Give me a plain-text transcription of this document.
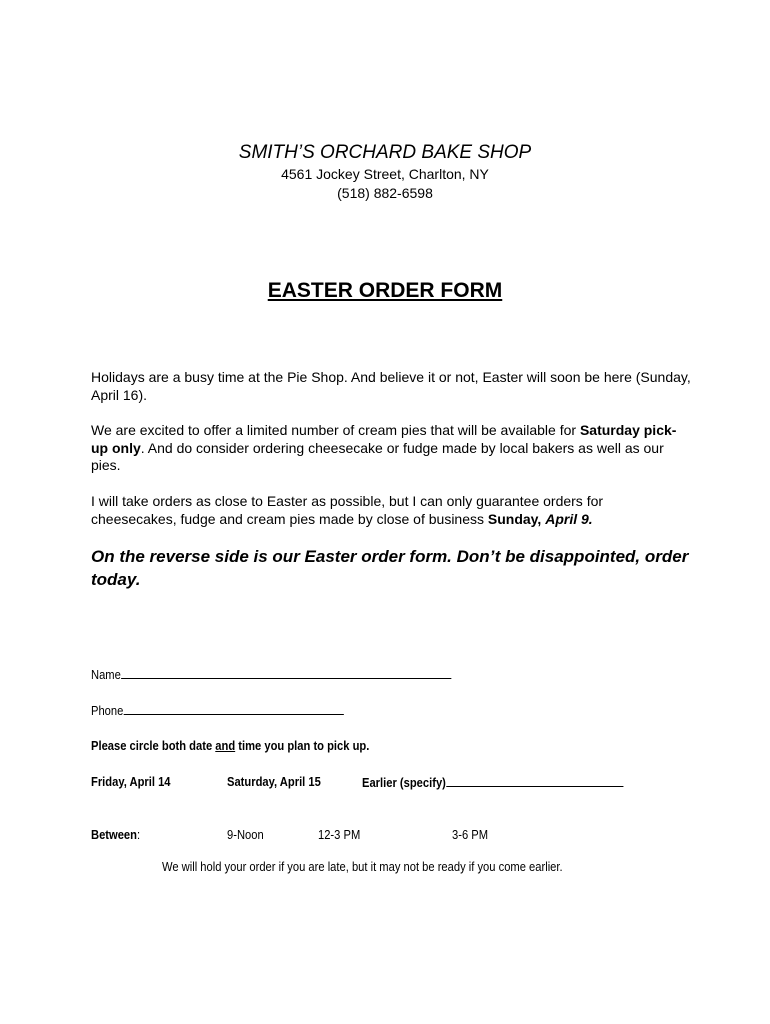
SMITH’S ORCHARD BAKE SHOP
4561 Jockey Street, Charlton, NY
(518) 882-6598
EASTER ORDER FORM
Holidays are a busy time at the Pie Shop. And believe it or not, Easter will soon be here (Sunday, April 16).
We are excited to offer a limited number of cream pies that will be available for Saturday pick-up only. And do consider ordering cheesecake or fudge made by local bakers as well as our pies.
I will take orders as close to Easter as possible, but I can only guarantee orders for cheesecakes, fudge and cream pies made by close of business Sunday, April 9.
On the reverse side is our Easter order form. Don’t be disappointed, order today.
Name
Phone
Please circle both date and time you plan to pick up.
Friday, April 14	Saturday, April 15	Earlier (specify)
Between:	9-Noon	12-3 PM	3-6 PM
We will hold your order if you are late, but it may not be ready if you come earlier.
